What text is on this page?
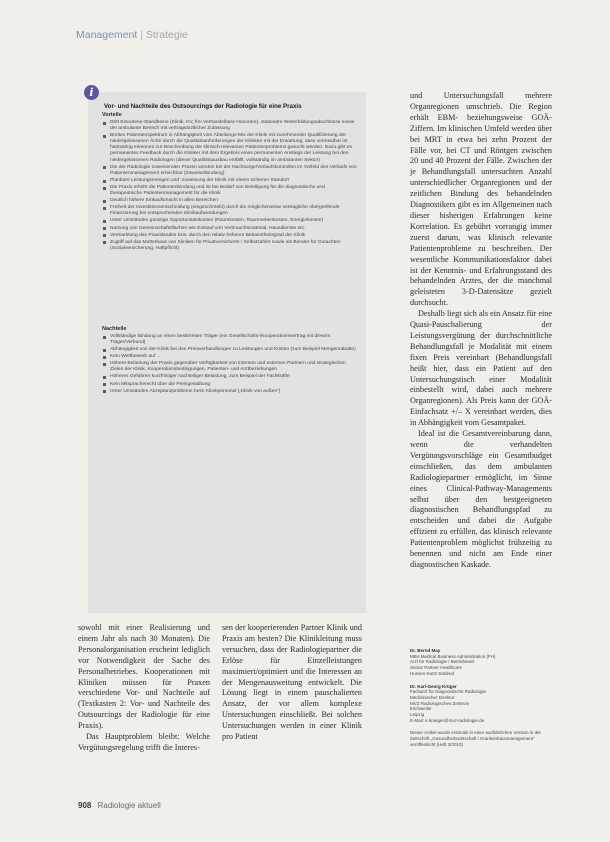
Management | Strategie
i
Vor- und Nachteile des Outsourcings der Radiologie für eine Praxis
Vorteile
Dritt Einnahme-Standbeine (Klinik, KV, frei Verhandelbare Honorare), stationäre Weiterbildungsabschlüsse sowie der ambulante Bereich mit vertragsärztlicher Zulassung
Breites Patientenspektrum in Abhängigkeit vom Abteilungs-Mix der Klinik mit zunehmender Qualifizierung der niedergelassenen Ärzte durch die Qualitätsanforderungen der Kliniken mit der Erwartung, dass vermeidbar ist hartnäckig erkennen zur Beschreibung der klinisch-relevanten Patientenproblems gesucht werden. Dazu gibt es permanentes Feedback durch die Kliniker mit dem Ergebnis eines permanenten Anstiegs der Leistung bei den niedergelassenen Radiologen (dieser Qualitätsausbau entfällt, vollständig im ambulanten Sektor)
Die der Radiologie zuweisenden Praxen werden bei der Nachsorge/Verlaufskontrollen im Vorfeld des Verlaufs von Patientenmanagement erreichbar (Zuweiserbindung)
Planbare Leistungsmengen und -zuweisung der Klinik mit einem sicheren Standort
Die Praxis erhöht die Patientenbindung und ist bei Bedarf von Beteiligung für die diagnostische und therapeutische Patientenmanagement für die Klinik
Deutlich höhere Einkaufsmacht in allen Bereichen
Freiheit der Investitionsentscheidung (eingeschränkt) durch die möglicherweise vertragliche übergreifende Finanzierung bei entsprechenden Klinikaufwendungen
Unter Umständen günstige Opportunitätskosten (Raumkosten, Raumnebenkosten, Energiekosten)
Nutzung von Gemeinschaftsflächen wie Einkauf von Verbrauchsmaterial, Hausdienste etc.
Vermarktung des Praxislandes bzw. durch den relativ höheren Bekanntheitsgrad der Klinik
Zugriff auf das Mutterhaus von Kliniken für Privatversicherte / Selbstzahler sowie als Berater für Gutachten (Sozialversicherung, Haftpflicht)
Nachteile
Vollständige Bindung an einen bestimmten Träger (ein Gesellschafts-/Kooperationsvertrag mit diesem Träger/Verbund)
Abhängigkeit von der Klinik bei den Preisverhandlungen zu Leistungen und Kosten (zum Beispiel Mengenrabatte)
Kein Wettbewerb auf ...
Höhere Belastung der Praxis gegenüber Verfügbarkeit von internen und externen Partnern und strategischen Zielen der Klinik, Kooperationsbedingungen, Patienten- und Arztbeziehungen
Höheres Gefahren kurzfristiger nachteiliger Belastung, zum Beispiel der Fachkräfte
Kein Mitspracherecht über die Preisgestaltung
Unter Umständen Akzeptanzprobleme beim Klinikpersonal („Klinik von außen“)

und Untersuchungsfall mehrere Organregionen umschrieb. Die Region erhält EBM- beziehungsweise GOÄ-Ziffern. Im klinischen Umfeld werden über bei MRT in etwa bei zehn Prozent der Fälle vor, bei CT und Röntgen zwischen 20 und 40 Prozent der Fälle. Zwischen der je Behandlungsfall untersuchten Anzahl unterschiedlicher Organregionen und der zeitlichen Bindung des behandelnden Diagnostikers gibt es im Allgemeinen nach dieser bisherigen Erfahrungen keine Korrelation. Es gebührt vorrangig immer zuerst darum, was klinisch relevante Patientenprobleme zu beschreiben. Der wesentliche Kommunikationsfaktor dabei ist der Kenntnis- und Erfahrungsstand des behandelnden Arztes, der die manchmal geleisteten 3-D-Datensätze gezielt durchsucht.

Deshalb liegt sich als ein Ansatz für eine Quasi-Pauschalierung der Leistungsvergütung der durchschnittliche Behandlungsfall je Modalität mit einem fixen Preis vereinbart (Behandlungsfall heißt hier, dass ein Patient auf den Untersuchungstisch einer Modalität einbestellt wird, dabei auch mehrere Organregionen). Als Preis kann der GOÄ-Einfachsatz +/– X vereinbart werden, dies in Abhängigkeit vom Gesamtpaket.

Ideal ist die Gesamtvereinbarung dann, wenn die verhandelten Vergütungsvorschläge ein Gesamtbudget einschließen, das dem ambulanten Radiologiepartner ermöglicht, im Sinne eines Clinical-Pathway-Managements selbst über den bestgeeigneten diagnostischen Behandlungspfad zu entscheiden und dabei die Aufgabe effizient zu erfüllen, das klinisch relevante Patientenproblem möglichst frühzeitig zu benennen und nicht am Ende einer diagnostischen Kaskade.

sowohl mit einer Realisierung und einem Jahr als nach 30 Monaten). Die Personalorganisation erscheint lediglich vor Notwendigkeit der Sache des Personalbetriebes. Kooperationen mit Kliniken müssen für Praxen verschiedene Vor- und Nachteile auf (Textkasten 2: Vor- und Nachteile des Outsourcings der Radiologie für eine Praxis).

Das Hauptproblem bleibt: Welche Vergütungsregelung trifft die Interes-

sen der kooperierenden Partner Klinik und Praxis am besten? Die Klinikleitung muss versuchen, dass der Radiologiepartner die Erlöse für Einzelleistungen maximiert/optimiert und die Interessen an der Mengenausweitung entwickelt. Die Lösung liegt in einem pauschalierten Ansatz, der vor allem komplexe Untersuchungen einschließt. Bei solchen Untersuchungen werden in einer Klinik pro Patient

Dr. Bernd May
MBA Medical Business Administration (FH)
Arzt für Radiologie / Betriebswirt
Senior Partner Healthcare
Husses-Kartz-Südend
Dr. Karl-Georg Krüger
Facharzt für Diagnostische Radiologie
Medizinischer Direktor
MVZ Radiologisches Zentrum
Eschweiler
Leipzig
E-Mail: k.krueger@mvz-radiologie.de
Dieser Artikel wurde erstmals in einer ausführlichen Version in der Zeitschrift „Gesundheitswirtschaft / Krankenhausmanagement“ veröffentlicht (Heft 3/2010)
908 Radiologie aktuell
